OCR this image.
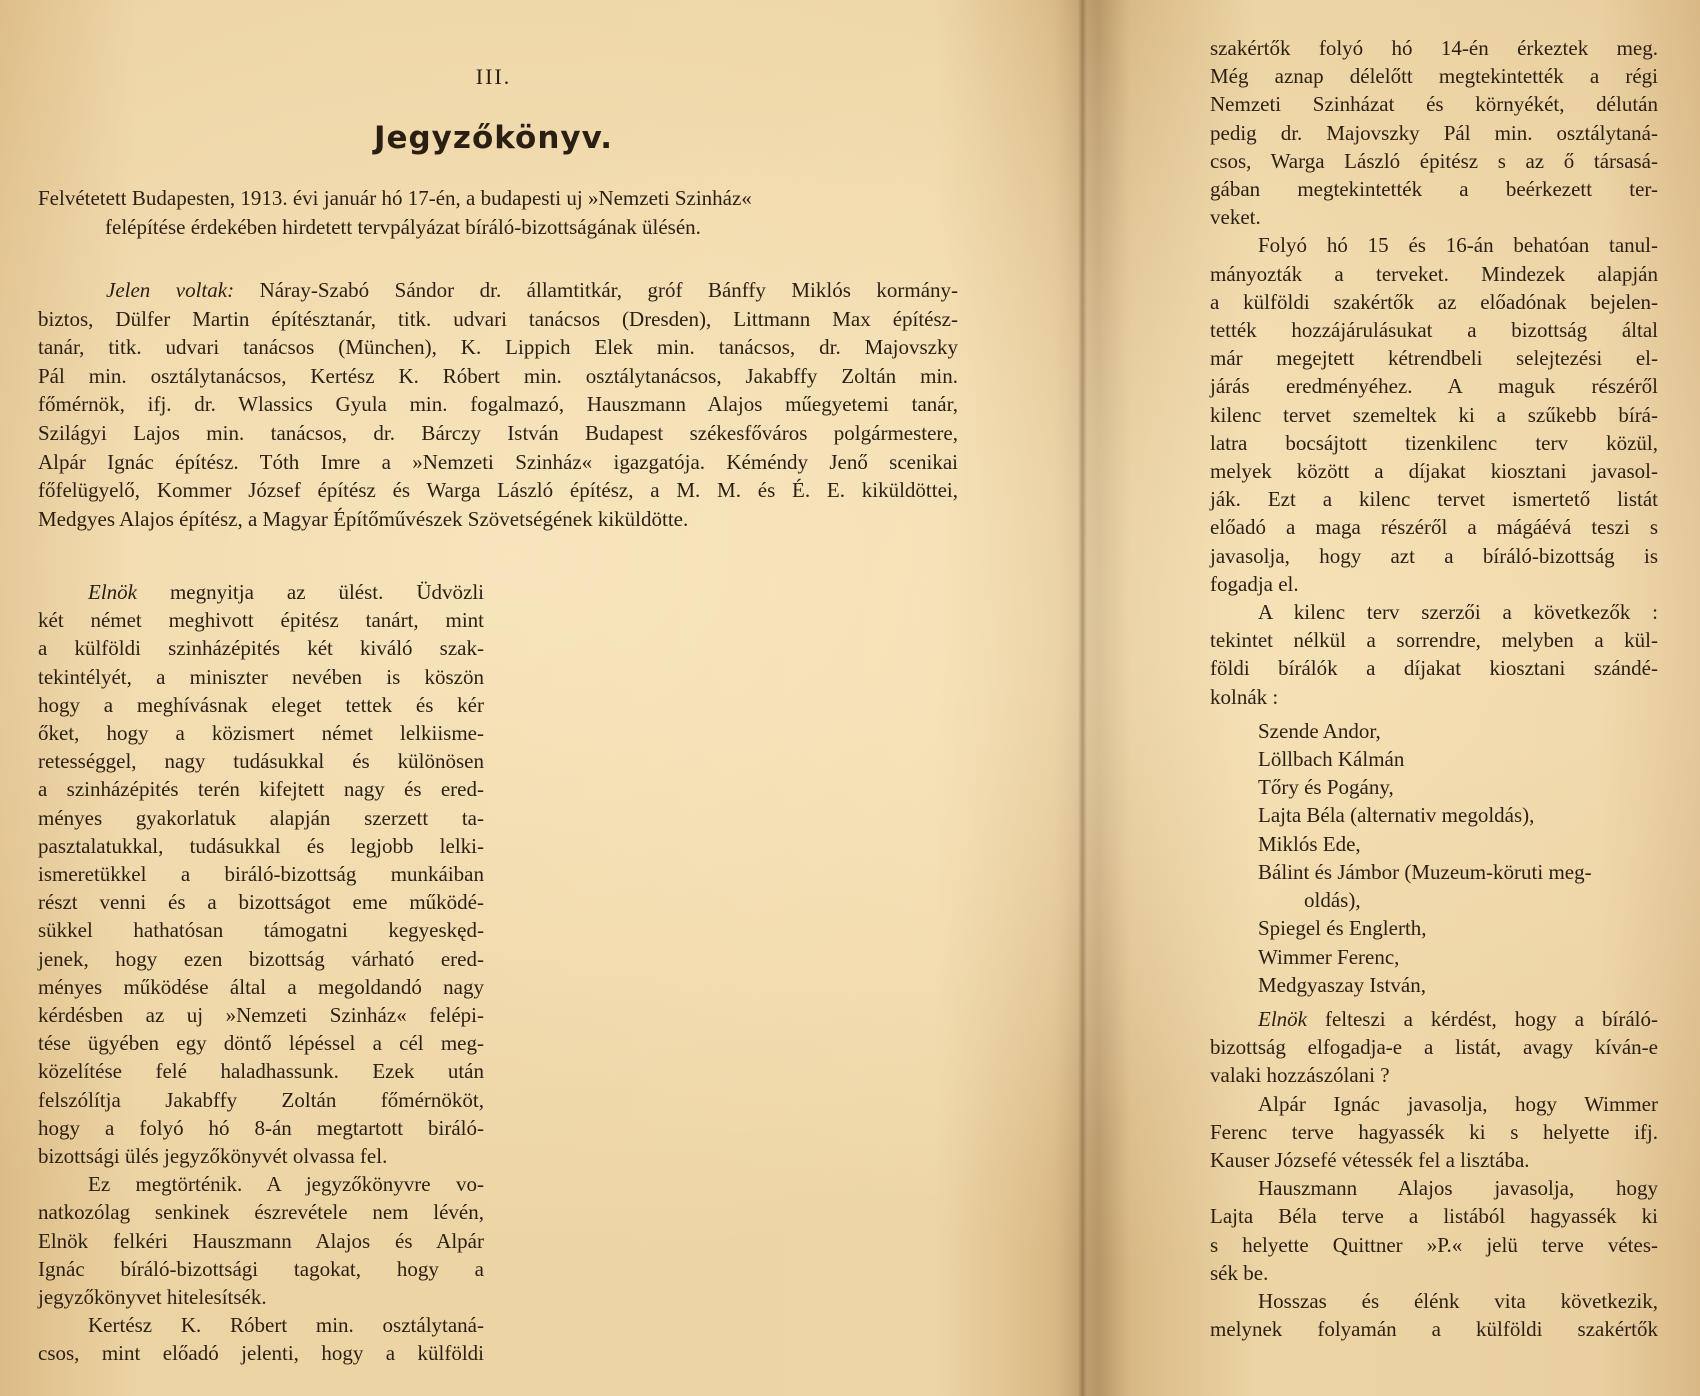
III.
Jegyzőkönyv.
Felvétetett Budapesten, 1913. évi január hó 17-én, a budapesti uj »Nemzeti Szinház«
felépítése érdekében hirdetett tervpályázat bíráló-bizottságának ülésén.
Jelen voltak: Náray-Szabó Sándor dr. államtitkár, gróf Bánffy Miklós kormány-
biztos, Dülfer Martin építésztanár, titk. udvari tanácsos (Dresden), Littmann Max építész-
tanár, titk. udvari tanácsos (München), K. Lippich Elek min. tanácsos, dr. Majovszky
Pál min. osztálytanácsos, Kertész K. Róbert min. osztálytanácsos, Jakabffy Zoltán min.
főmérnök, ifj. dr. Wlassics Gyula min. fogalmazó, Hauszmann Alajos műegyetemi tanár,
Szilágyi Lajos min. tanácsos, dr. Bárczy István Budapest székesfőváros polgármestere,
Alpár Ignác építész. Tóth Imre a »Nemzeti Szinház« igazgatója. Kéméndy Jenő scenikai
főfelügyelő, Kommer József építész és Warga László építész, a M. M. és É. E. kiküldöttei,
Medgyes Alajos építész, a Magyar Építőművészek Szövetségének kiküldötte.
Elnök megnyitja az ülést. Üdvözli
két német meghivott épitész tanárt, mint
a külföldi szinházépités két kiváló szak-
tekintélyét, a miniszter nevében is köszön
hogy a meghívásnak eleget tettek és kér
őket, hogy a közismert német lelkiisme-
retességgel, nagy tudásukkal és különösen
a szinházépités terén kifejtett nagy és ered-
ményes gyakorlatuk alapján szerzett ta-
pasztalatukkal, tudásukkal és legjobb lelki-
ismeretükkel a biráló-bizottság munkáiban
részt venni és a bizottságot eme működé-
sükkel hathatósan támogatni kegyeskęd-
jenek, hogy ezen bizottság várható ered-
ményes működése által a megoldandó nagy
kérdésben az uj »Nemzeti Szinház« felépi-
tése ügyében egy döntő lépéssel a cél meg-
közelítése felé haladhassunk. Ezek után
felszólítja Jakabffy Zoltán főmérnököt,
hogy a folyó hó 8-án megtartott biráló-
bizottsági ülés jegyzőkönyvét olvassa fel.
Ez megtörténik. A jegyzőkönyvre vo-
natkozólag senkinek észrevétele nem lévén,
Elnök felkéri Hauszmann Alajos és Alpár
Ignác bíráló-bizottsági tagokat, hogy a
jegyzőkönyvet hitelesítsék.
Kertész K. Róbert min. osztálytaná-
csos, mint előadó jelenti, hogy a külföldi
szakértők folyó hó 14-én érkeztek meg.
Még aznap délelőtt megtekintették a régi
Nemzeti Szinházat és környékét, délután
pedig dr. Majovszky Pál min. osztálytaná-
csos, Warga László épitész s az ő társasá-
gában megtekintették a beérkezett ter-
veket.
Folyó hó 15 és 16-án behatóan tanul-
mányozták a terveket. Mindezek alapján
a külföldi szakértők az előadónak bejelen-
tették hozzájárulásukat a bizottság által
már megejtett kétrendbeli selejtezési el-
járás eredményéhez. A maguk részéről
kilenc tervet szemeltek ki a szűkebb bírá-
latra bocsájtott tizenkilenc terv közül,
melyek között a díjakat kiosztani javasol-
ják. Ezt a kilenc tervet ismertető listát
előadó a maga részéről a mágáévá teszi s
javasolja, hogy azt a bíráló-bizottság is
fogadja el.
A kilenc terv szerzői a következők :
tekintet nélkül a sorrendre, melyben a kül-
földi bírálók a díjakat kiosztani szándé-
kolnák :
Szende Andor,
Löllbach Kálmán
Tőry és Pogány,
Lajta Béla (alternativ megoldás),
Miklós Ede,
Bálint és Jámbor (Muzeum-köruti meg-
oldás),
Spiegel és Englerth,
Wimmer Ferenc,
Medgyaszay István,
Elnök felteszi a kérdést, hogy a bíráló-
bizottság elfogadja-e a listát, avagy kíván-e
valaki hozzászólani ?
Alpár Ignác javasolja, hogy Wimmer
Ferenc terve hagyassék ki s helyette ifj.
Kauser Józsefé vétessék fel a lisztába.
Hauszmann Alajos javasolja, hogy
Lajta Béla terve a listából hagyassék ki
s helyette Quittner »P.« jelü terve vétes-
sék be.
Hosszas és élénk vita következik,
melynek folyamán a külföldi szakértők
